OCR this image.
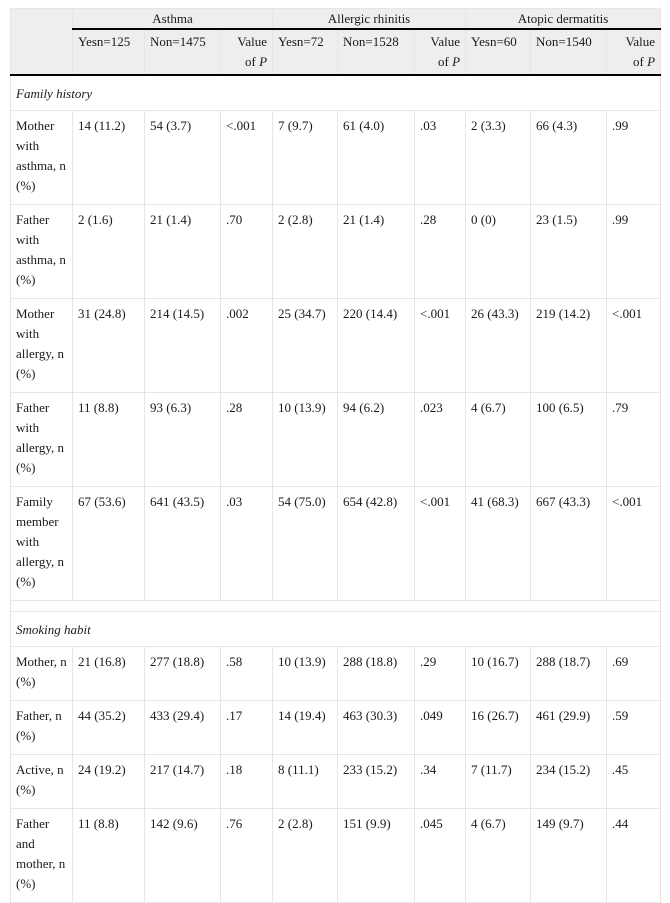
	Asthma			Allergic rhinitis			Atopic dermatitis		
	Yesn=125	Non=1475	Value of P	Yesn=72	Non=1528	Value of P	Yesn=60	Non=1540	Value of P
Family history									
Mother with asthma, n (%)	14 (11.2)	54 (3.7)	<.001	7 (9.7)	61 (4.0)	.03	2 (3.3)	66 (4.3)	.99
Father with asthma, n (%)	2 (1.6)	21 (1.4)	.70	2 (2.8)	21 (1.4)	.28	0 (0)	23 (1.5)	.99
Mother with allergy, n (%)	31 (24.8)	214 (14.5)	.002	25 (34.7)	220 (14.4)	<.001	26 (43.3)	219 (14.2)	<.001
Father with allergy, n (%)	11 (8.8)	93 (6.3)	.28	10 (13.9)	94 (6.2)	.023	4 (6.7)	100 (6.5)	.79
Family member with allergy, n (%)	67 (53.6)	641 (43.5)	.03	54 (75.0)	654 (42.8)	<.001	41 (68.3)	667 (43.3)	<.001

Smoking habit									
Mother, n (%)	21 (16.8)	277 (18.8)	.58	10 (13.9)	288 (18.8)	.29	10 (16.7)	288 (18.7)	.69
Father, n (%)	44 (35.2)	433 (29.4)	.17	14 (19.4)	463 (30.3)	.049	16 (26.7)	461 (29.9)	.59
Active, n (%)	24 (19.2)	217 (14.7)	.18	8 (11.1)	233 (15.2)	.34	7 (11.7)	234 (15.2)	.45
Father and mother, n (%)	11 (8.8)	142 (9.6)	.76	2 (2.8)	151 (9.9)	.045	4 (6.7)	149 (9.7)	.44
